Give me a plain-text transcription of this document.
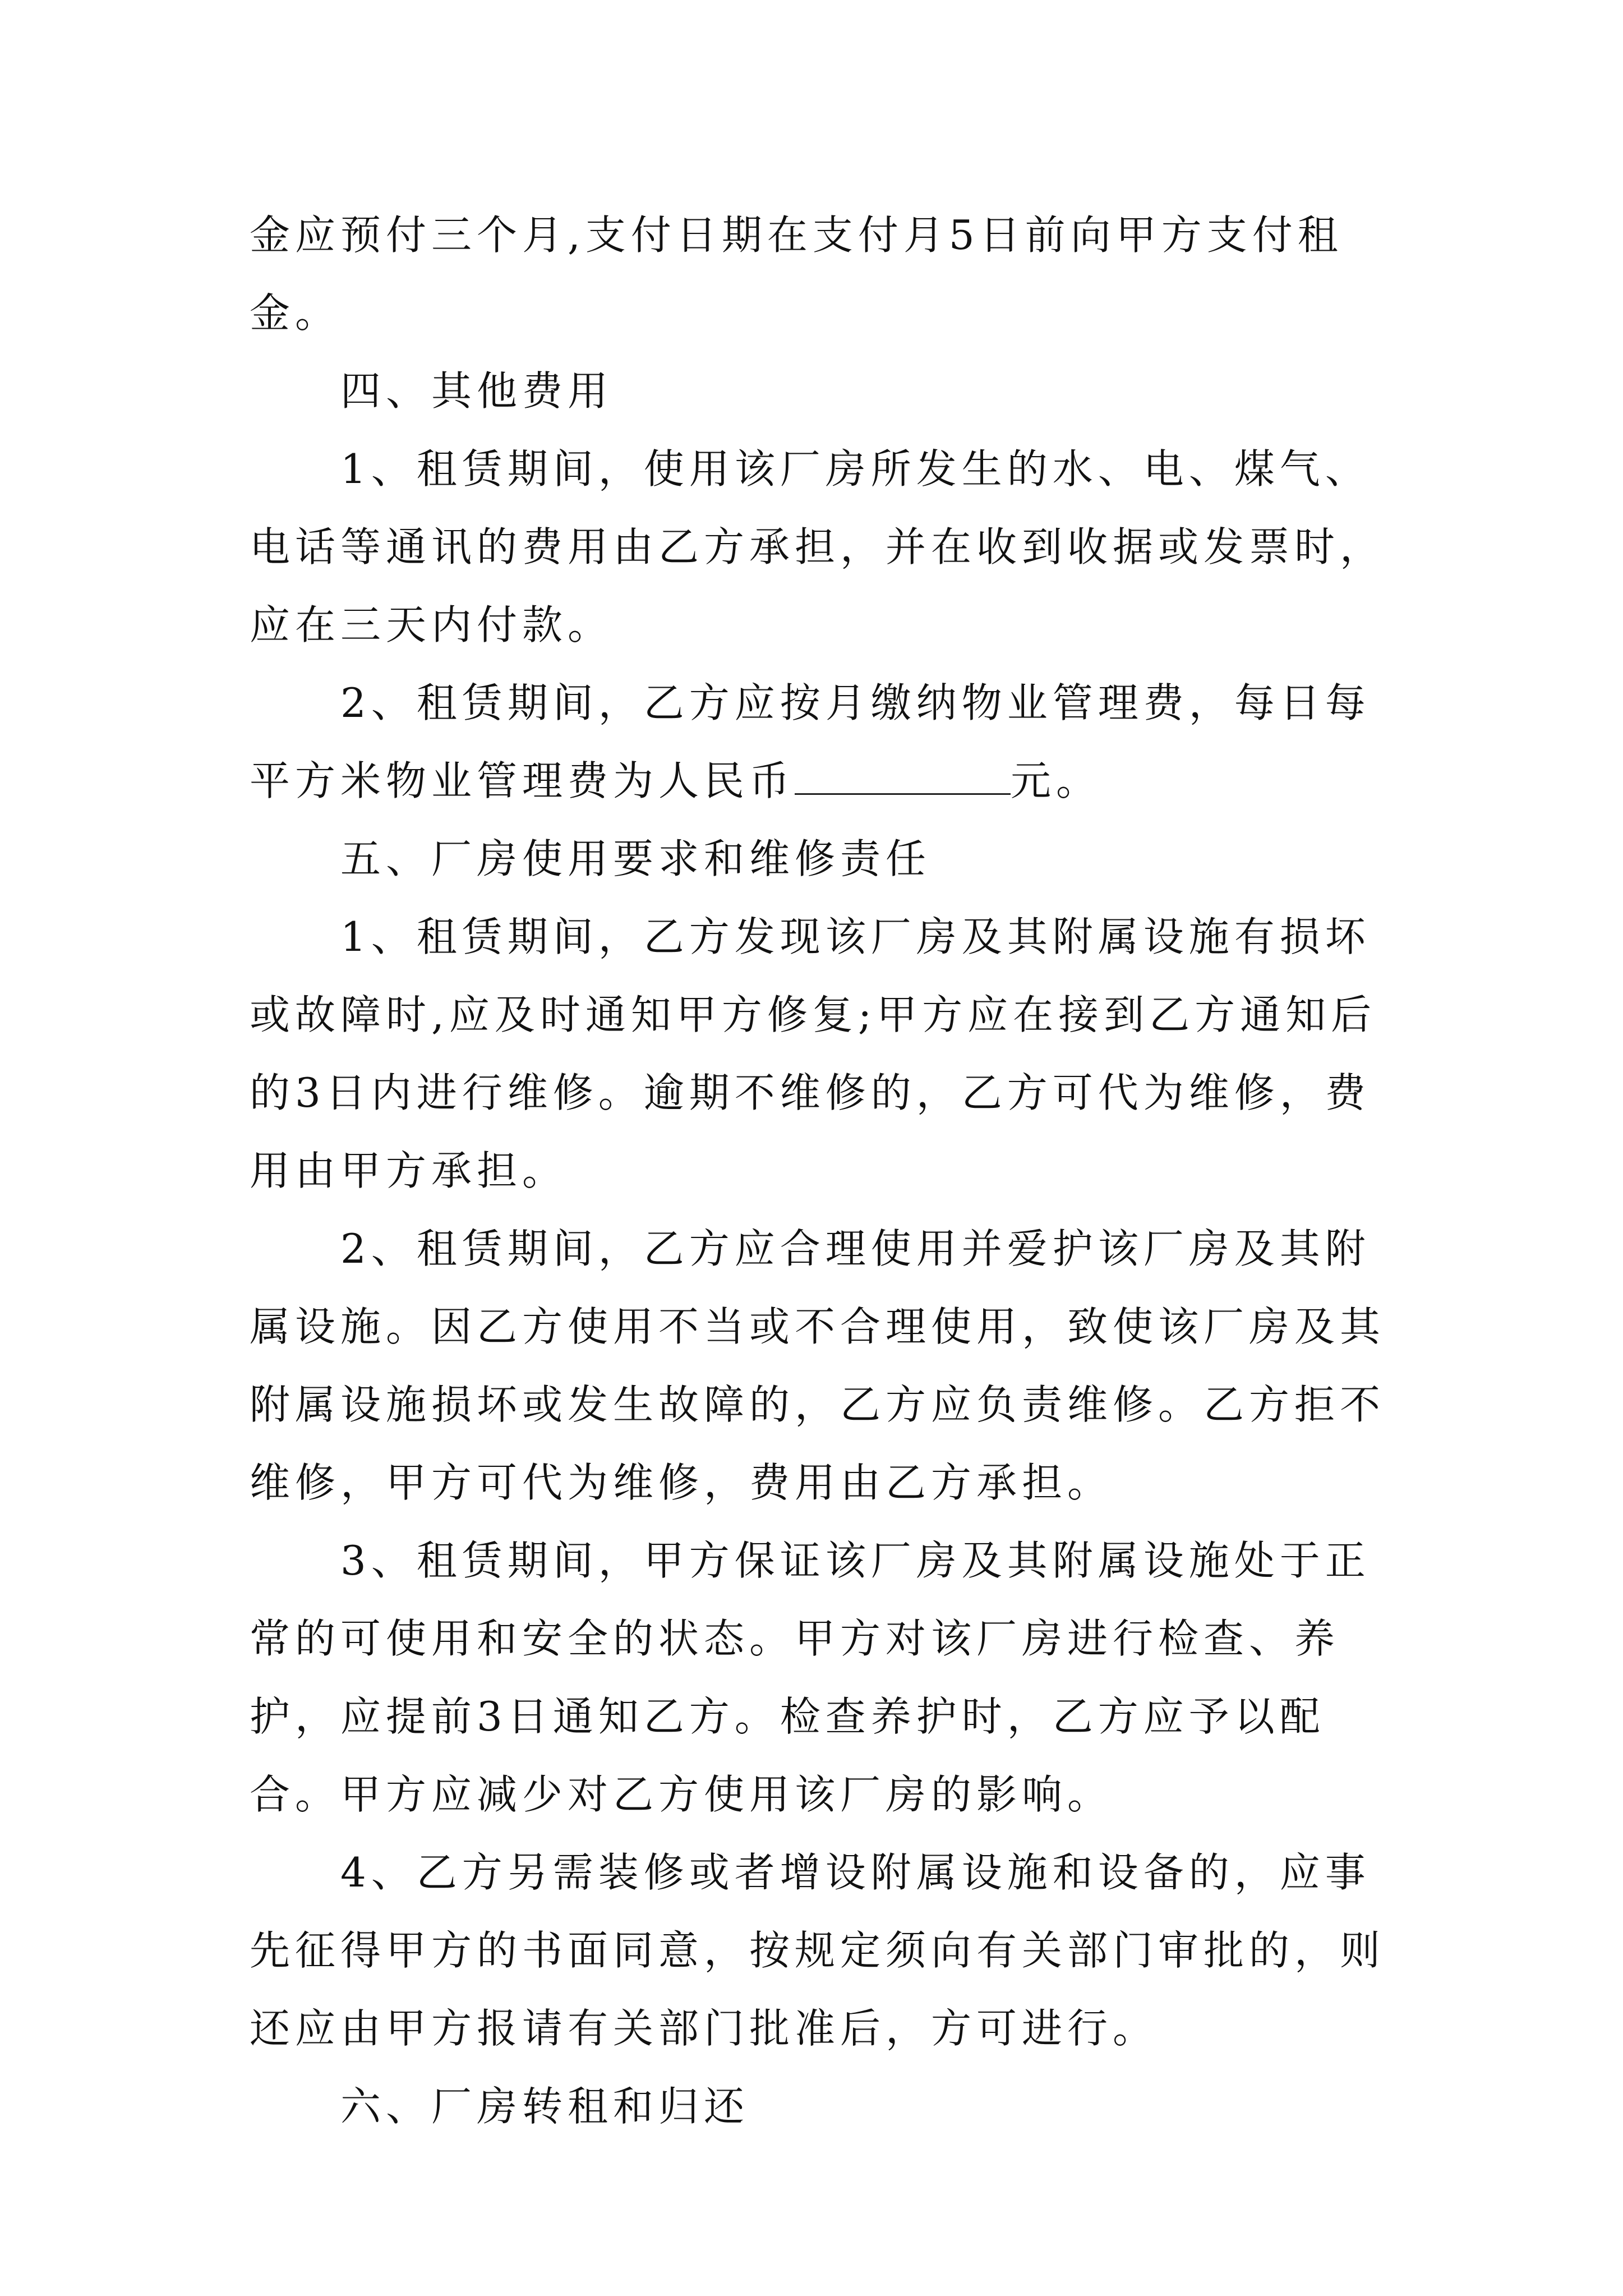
金应预付三个月,支付日期在支付月5日前向甲方支付租金。

四、其他费用

1、租赁期间，使用该厂房所发生的水、电、煤气、电话等通讯的费用由乙方承担，并在收到收据或发票时，应在三天内付款。

2、租赁期间，乙方应按月缴纳物业管理费，每日每平方米物业管理费为人民币	元。

五、厂房使用要求和维修责任

1、租赁期间，乙方发现该厂房及其附属设施有损坏或故障时,应及时通知甲方修复;甲方应在接到乙方通知后的3日内进行维修。逾期不维修的，乙方可代为维修，费用由甲方承担。

2、租赁期间，乙方应合理使用并爱护该厂房及其附属设施。因乙方使用不当或不合理使用，致使该厂房及其附属设施损坏或发生故障的，乙方应负责维修。乙方拒不维修，甲方可代为维修，费用由乙方承担。

3、租赁期间，甲方保证该厂房及其附属设施处于正常的可使用和安全的状态。甲方对该厂房进行检查、养护，应提前3日通知乙方。检查养护时，乙方应予以配合。甲方应减少对乙方使用该厂房的影响。

4、乙方另需装修或者增设附属设施和设备的，应事先征得甲方的书面同意，按规定须向有关部门审批的，则还应由甲方报请有关部门批准后，方可进行。

六、厂房转租和归还
